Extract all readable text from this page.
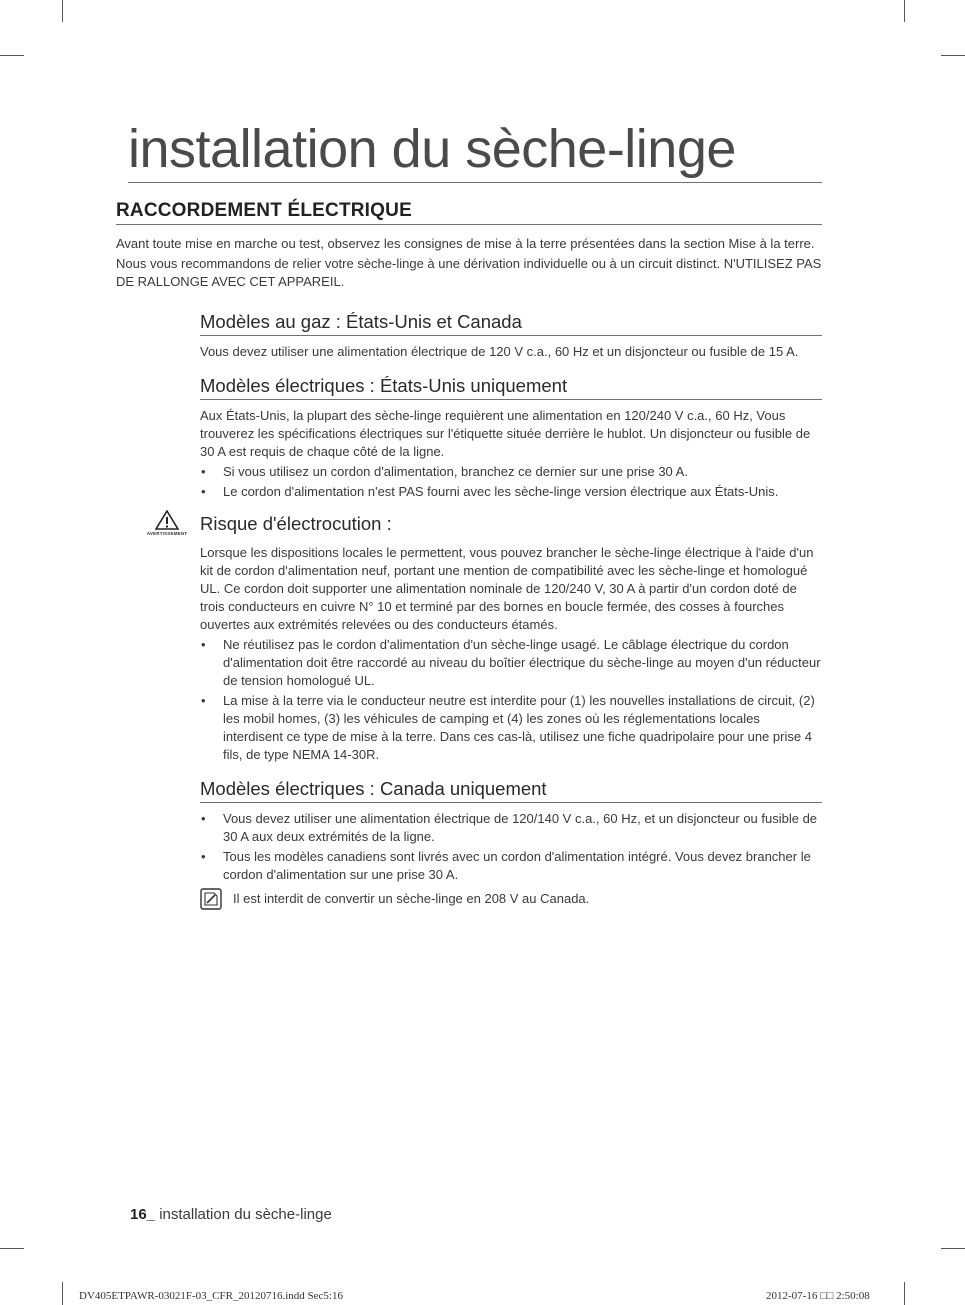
installation du sèche-linge
RACCORDEMENT ÉLECTRIQUE

Avant toute mise en marche ou test, observez les consignes de mise à la terre présentées dans la section Mise à la terre.

Nous vous recommandons de relier votre sèche-linge à une dérivation individuelle ou à un circuit distinct. N'UTILISEZ PAS DE RALLONGE AVEC CET APPAREIL.

Modèles au gaz : États-Unis et Canada

Vous devez utiliser une alimentation électrique de 120 V c.a., 60 Hz et un disjoncteur ou fusible de 15 A.

Modèles électriques : États-Unis uniquement

Aux États-Unis, la plupart des sèche-linge requièrent une alimentation en 120/240 V c.a., 60 Hz, Vous trouverez les spécifications électriques sur l'étiquette située derrière le hublot. Un disjoncteur ou fusible de 30 A est requis de chaque côté de la ligne.

• Si vous utilisez un cordon d'alimentation, branchez ce dernier sur une prise 30 A.
• Le cordon d'alimentation n'est PAS fourni avec les sèche-linge version électrique aux États-Unis.
AVERTISSEMENT Risque d'électrocution :

Lorsque les dispositions locales le permettent, vous pouvez brancher le sèche-linge électrique à l'aide d'un kit de cordon d'alimentation neuf, portant une mention de compatibilité avec les sèche-linge et homologué UL. Ce cordon doit supporter une alimentation nominale de 120/240 V, 30 A à partir d'un cordon doté de trois conducteurs en cuivre N° 10 et terminé par des bornes en boucle fermée, des cosses à fourches ouvertes aux extrémités relevées ou des conducteurs étamés.

• Ne réutilisez pas le cordon d'alimentation d'un sèche-linge usagé. Le câblage électrique du cordon d'alimentation doit être raccordé au niveau du boîtier électrique du sèche-linge au moyen d'un réducteur de tension homologué UL.
• La mise à la terre via le conducteur neutre est interdite pour (1) les nouvelles installations de circuit, (2) les mobil homes, (3) les véhicules de camping et (4) les zones où les réglementations locales interdisent ce type de mise à la terre. Dans ces cas-là, utilisez une fiche quadripolaire pour une prise 4 fils, de type NEMA 14-30R.
Modèles électriques : Canada uniquement
• Vous devez utiliser une alimentation électrique de 120/140 V c.a., 60 Hz, et un disjoncteur ou fusible de 30 A aux deux extrémités de la ligne.
• Tous les modèles canadiens sont livrés avec un cordon d'alimentation intégré. Vous devez brancher le cordon d'alimentation sur une prise 30 A.
Il est interdit de convertir un sèche-linge en 208 V au Canada.
16_ installation du sèche-linge
DV405ETPAWR-03021F-03_CFR_20120716.indd Sec5:16	2012-07-16 □□ 2:50:08
